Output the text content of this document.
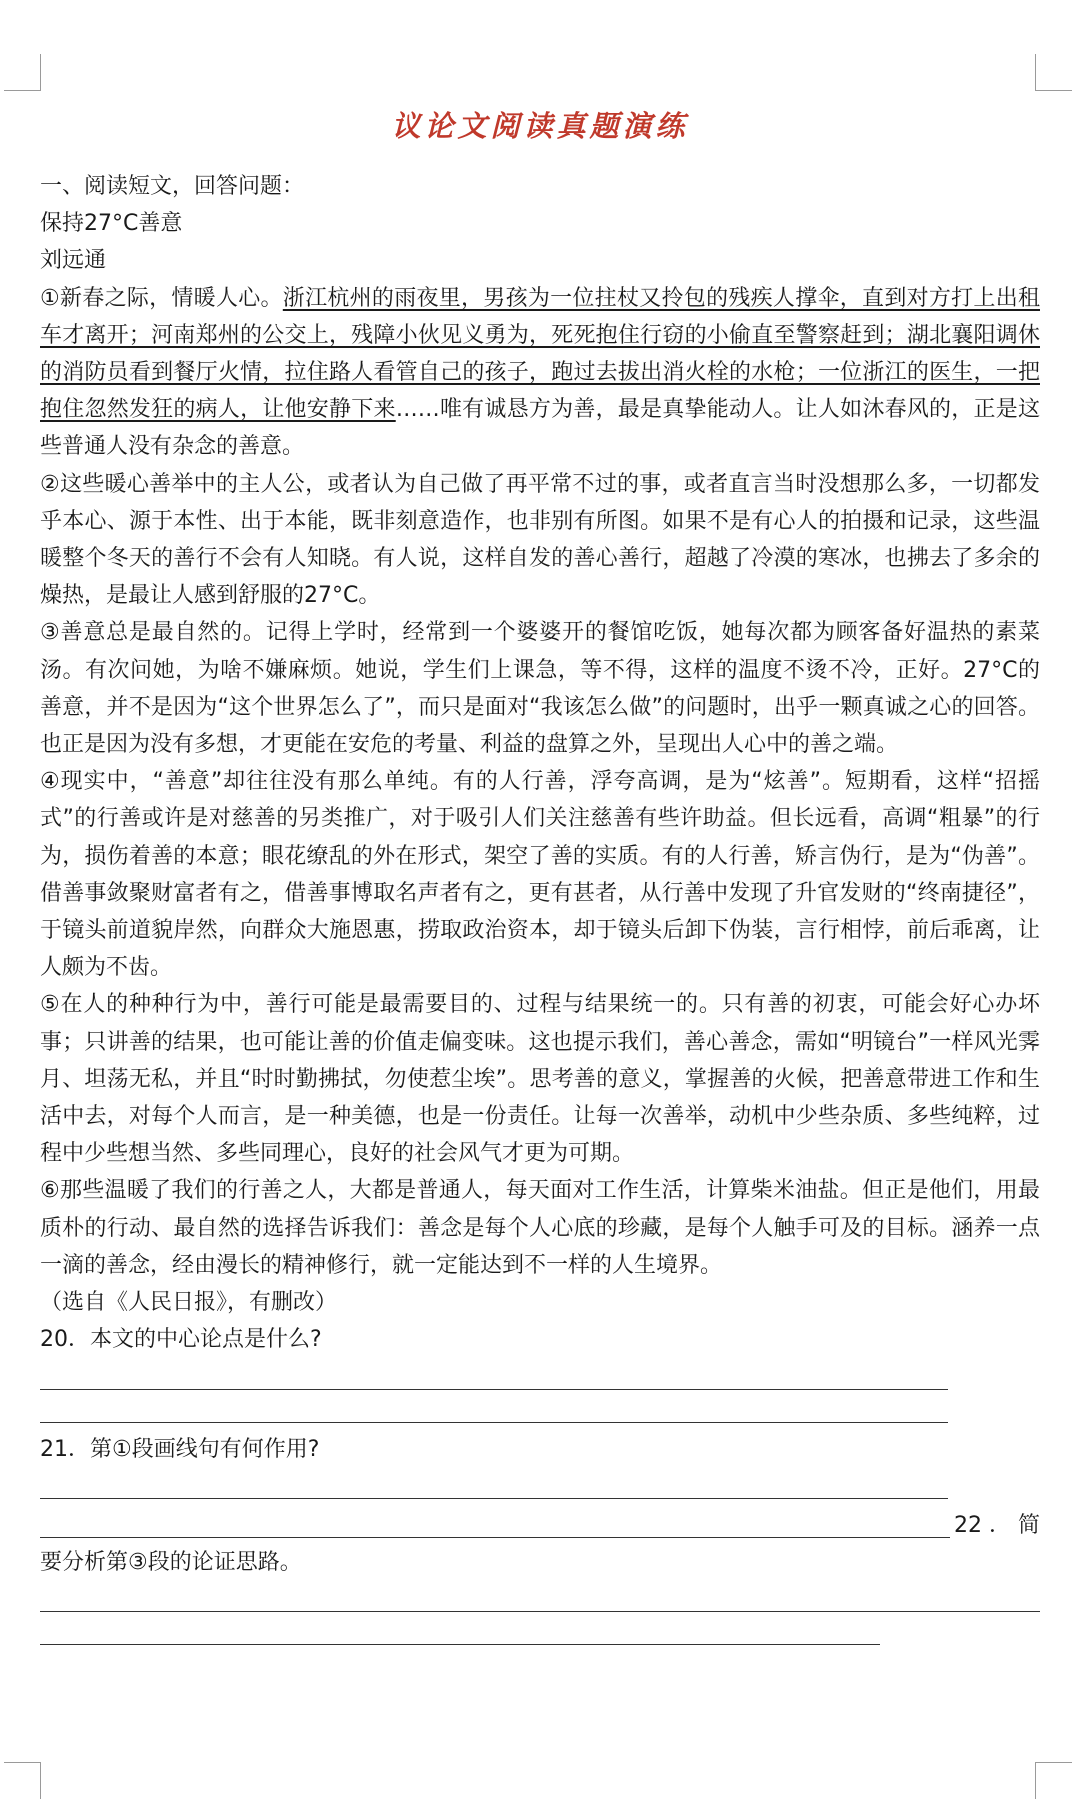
议论文阅读真题演练

一、阅读短文，回答问题：

保持27°C善意

刘远通

①新春之际，情暖人心。浙江杭州的雨夜里，男孩为一位拄杖又拎包的残疾人撑伞，直到对方打上出租车才离开；河南郑州的公交上，残障小伙见义勇为，死死抱住行窃的小偷直至警察赶到；湖北襄阳调休的消防员看到餐厅火情，拉住路人看管自己的孩子，跑过去拔出消火栓的水枪；一位浙江的医生，一把抱住忽然发狂的病人，让他安静下来……唯有诚恳方为善，最是真挚能动人。让人如沐春风的，正是这些普通人没有杂念的善意。

②这些暖心善举中的主人公，或者认为自己做了再平常不过的事，或者直言当时没想那么多，一切都发乎本心、源于本性、出于本能，既非刻意造作，也非别有所图。如果不是有心人的拍摄和记录，这些温暖整个冬天的善行不会有人知晓。有人说，这样自发的善心善行，超越了冷漠的寒冰，也拂去了多余的燥热，是最让人感到舒服的27°C。

③善意总是最自然的。记得上学时，经常到一个婆婆开的餐馆吃饭，她每次都为顾客备好温热的素菜汤。有次问她，为啥不嫌麻烦。她说，学生们上课急，等不得，这样的温度不烫不冷，正好。27°C的善意，并不是因为“这个世界怎么了”，而只是面对“我该怎么做”的问题时，出乎一颗真诚之心的回答。也正是因为没有多想，才更能在安危的考量、利益的盘算之外，呈现出人心中的善之端。

④现实中，“善意”却往往没有那么单纯。有的人行善，浮夸高调，是为“炫善”。短期看，这样“招摇式”的行善或许是对慈善的另类推广，对于吸引人们关注慈善有些许助益。但长远看，高调“粗暴”的行为，损伤着善的本意；眼花缭乱的外在形式，架空了善的实质。有的人行善，矫言伪行，是为“伪善”。借善事敛聚财富者有之，借善事博取名声者有之，更有甚者，从行善中发现了升官发财的“终南捷径”，于镜头前道貌岸然，向群众大施恩惠，捞取政治资本，却于镜头后卸下伪装，言行相悖，前后乖离，让人颇为不齿。

⑤在人的种种行为中，善行可能是最需要目的、过程与结果统一的。只有善的初衷，可能会好心办坏事；只讲善的结果，也可能让善的价值走偏变味。这也提示我们，善心善念，需如“明镜台”一样风光霁月、坦荡无私，并且“时时勤拂拭，勿使惹尘埃”。思考善的意义，掌握善的火候，把善意带进工作和生活中去，对每个人而言，是一种美德，也是一份责任。让每一次善举，动机中少些杂质、多些纯粹，过程中少些想当然、多些同理心，良好的社会风气才更为可期。

⑥那些温暖了我们的行善之人，大都是普通人，每天面对工作生活，计算柴米油盐。但正是他们，用最质朴的行动、最自然的选择告诉我们：善念是每个人心底的珍藏，是每个人触手可及的目标。涵养一点一滴的善念，经由漫长的精神修行，就一定能达到不一样的人生境界。

（选自《人民日报》，有删改）

20．本文的中心论点是什么?

21．第①段画线句有何作用?

22．简

要分析第③段的论证思路。
